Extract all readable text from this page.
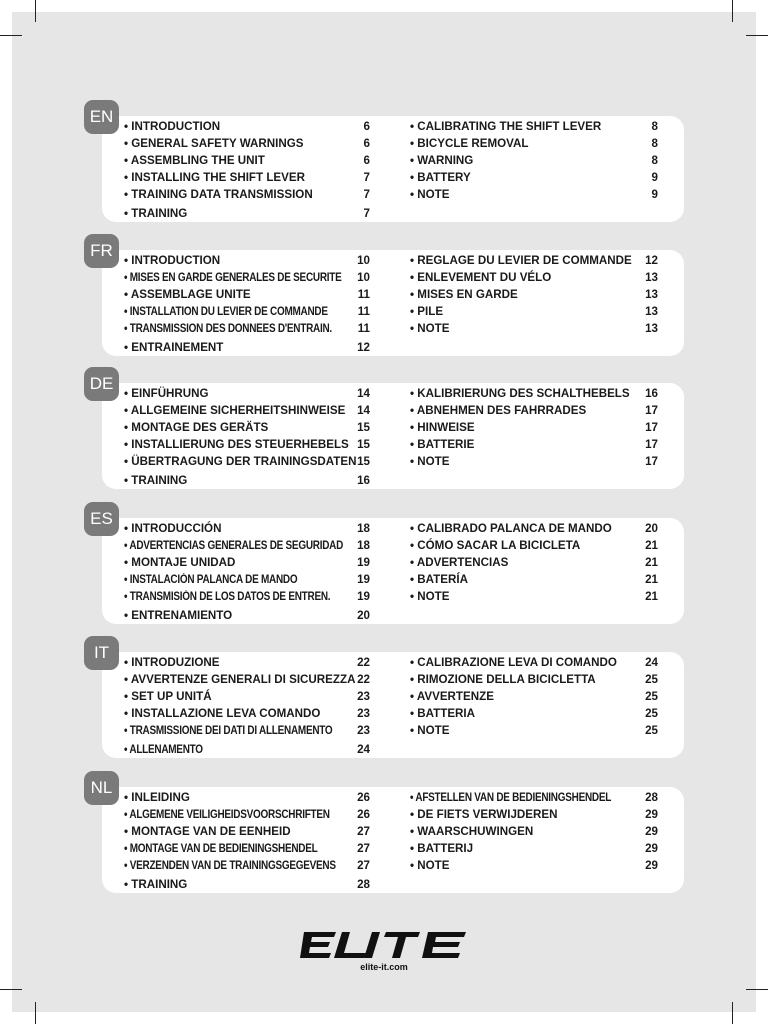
EN
• INTRODUCTION	6
• GENERAL SAFETY WARNINGS	6
• ASSEMBLING THE UNIT	6
• INSTALLING THE SHIFT LEVER	7
• TRAINING DATA TRANSMISSION	7
• TRAINING	7
• CALIBRATING THE SHIFT LEVER	8
• BICYCLE REMOVAL	8
• WARNING	8
• BATTERY	9
• NOTE	9
FR
• INTRODUCTION	10
• MISES EN GARDE GENERALES DE SECURITE 10
• ASSEMBLAGE UNITE	11
• INSTALLATION DU LEVIER DE COMMANDE	11
• TRANSMISSION DES DONNEES D'ENTRAIN. 11
• ENTRAINEMENT	12
• REGLAGE DU LEVIER DE COMMANDE 12
• ENLEVEMENT DU VÉLO	13
• MISES EN GARDE	13
• PILE	13
• NOTE	13
DE
• EINFÜHRUNG	14
• ALLGEMEINE SICHERHEITSHINWEISE 14
• MONTAGE DES GERÄTS	15
• INSTALLIERUNG DES STEUERHEBELS 15
• ÜBERTRAGUNG DER TRAININGSDATEN 15
• TRAINING	16
• KALIBRIERUNG DES SCHALTHEBELS 16
• ABNEHMEN DES FAHRRADES	17
• HINWEISE	17
• BATTERIE	17
• NOTE	17
ES
• INTRODUCCIÓN	18
• ADVERTENCIAS GENERALES DE SEGURIDAD 18
• MONTAJE UNIDAD	19
• INSTALACIÓN PALANCA DE MANDO	19
• TRANSMISIÓN DE LOS DATOS DE ENTREN. 19
• ENTRENAMIENTO	20
• CALIBRADO PALANCA DE MANDO	20
• CÓMO SACAR LA BICICLETA	21
• ADVERTENCIAS	21
• BATERÍA	21
• NOTE	21
IT
• INTRODUZIONE	22
• AVVERTENZE GENERALI DI SICUREZZA 22
• SET UP UNITÁ	23
• INSTALLAZIONE LEVA COMANDO	23
• TRASMISSIONE DEI DATI DI ALLENAMENTO 23
• ALLENAMENTO	24
• CALIBRAZIONE LEVA DI COMANDO 24
• RIMOZIONE DELLA BICICLETTA	25
• AVVERTENZE	25
• BATTERIA	25
• NOTE	25
NL
• INLEIDING	26
• ALGEMENE VEILIGHEIDSVOORSCHRIFTEN 26
• MONTAGE VAN DE EENHEID	27
• MONTAGE VAN DE BEDIENINGSHENDEL	27
• VERZENDEN VAN DE TRAININGSGEGEVENS 27
• TRAINING	28
• AFSTELLEN VAN DE BEDIENINGSHENDEL	28
• DE FIETS VERWIJDEREN	29
• WAARSCHUWINGEN	29
• BATTERIJ	29
• NOTE	29
elite-it.com
